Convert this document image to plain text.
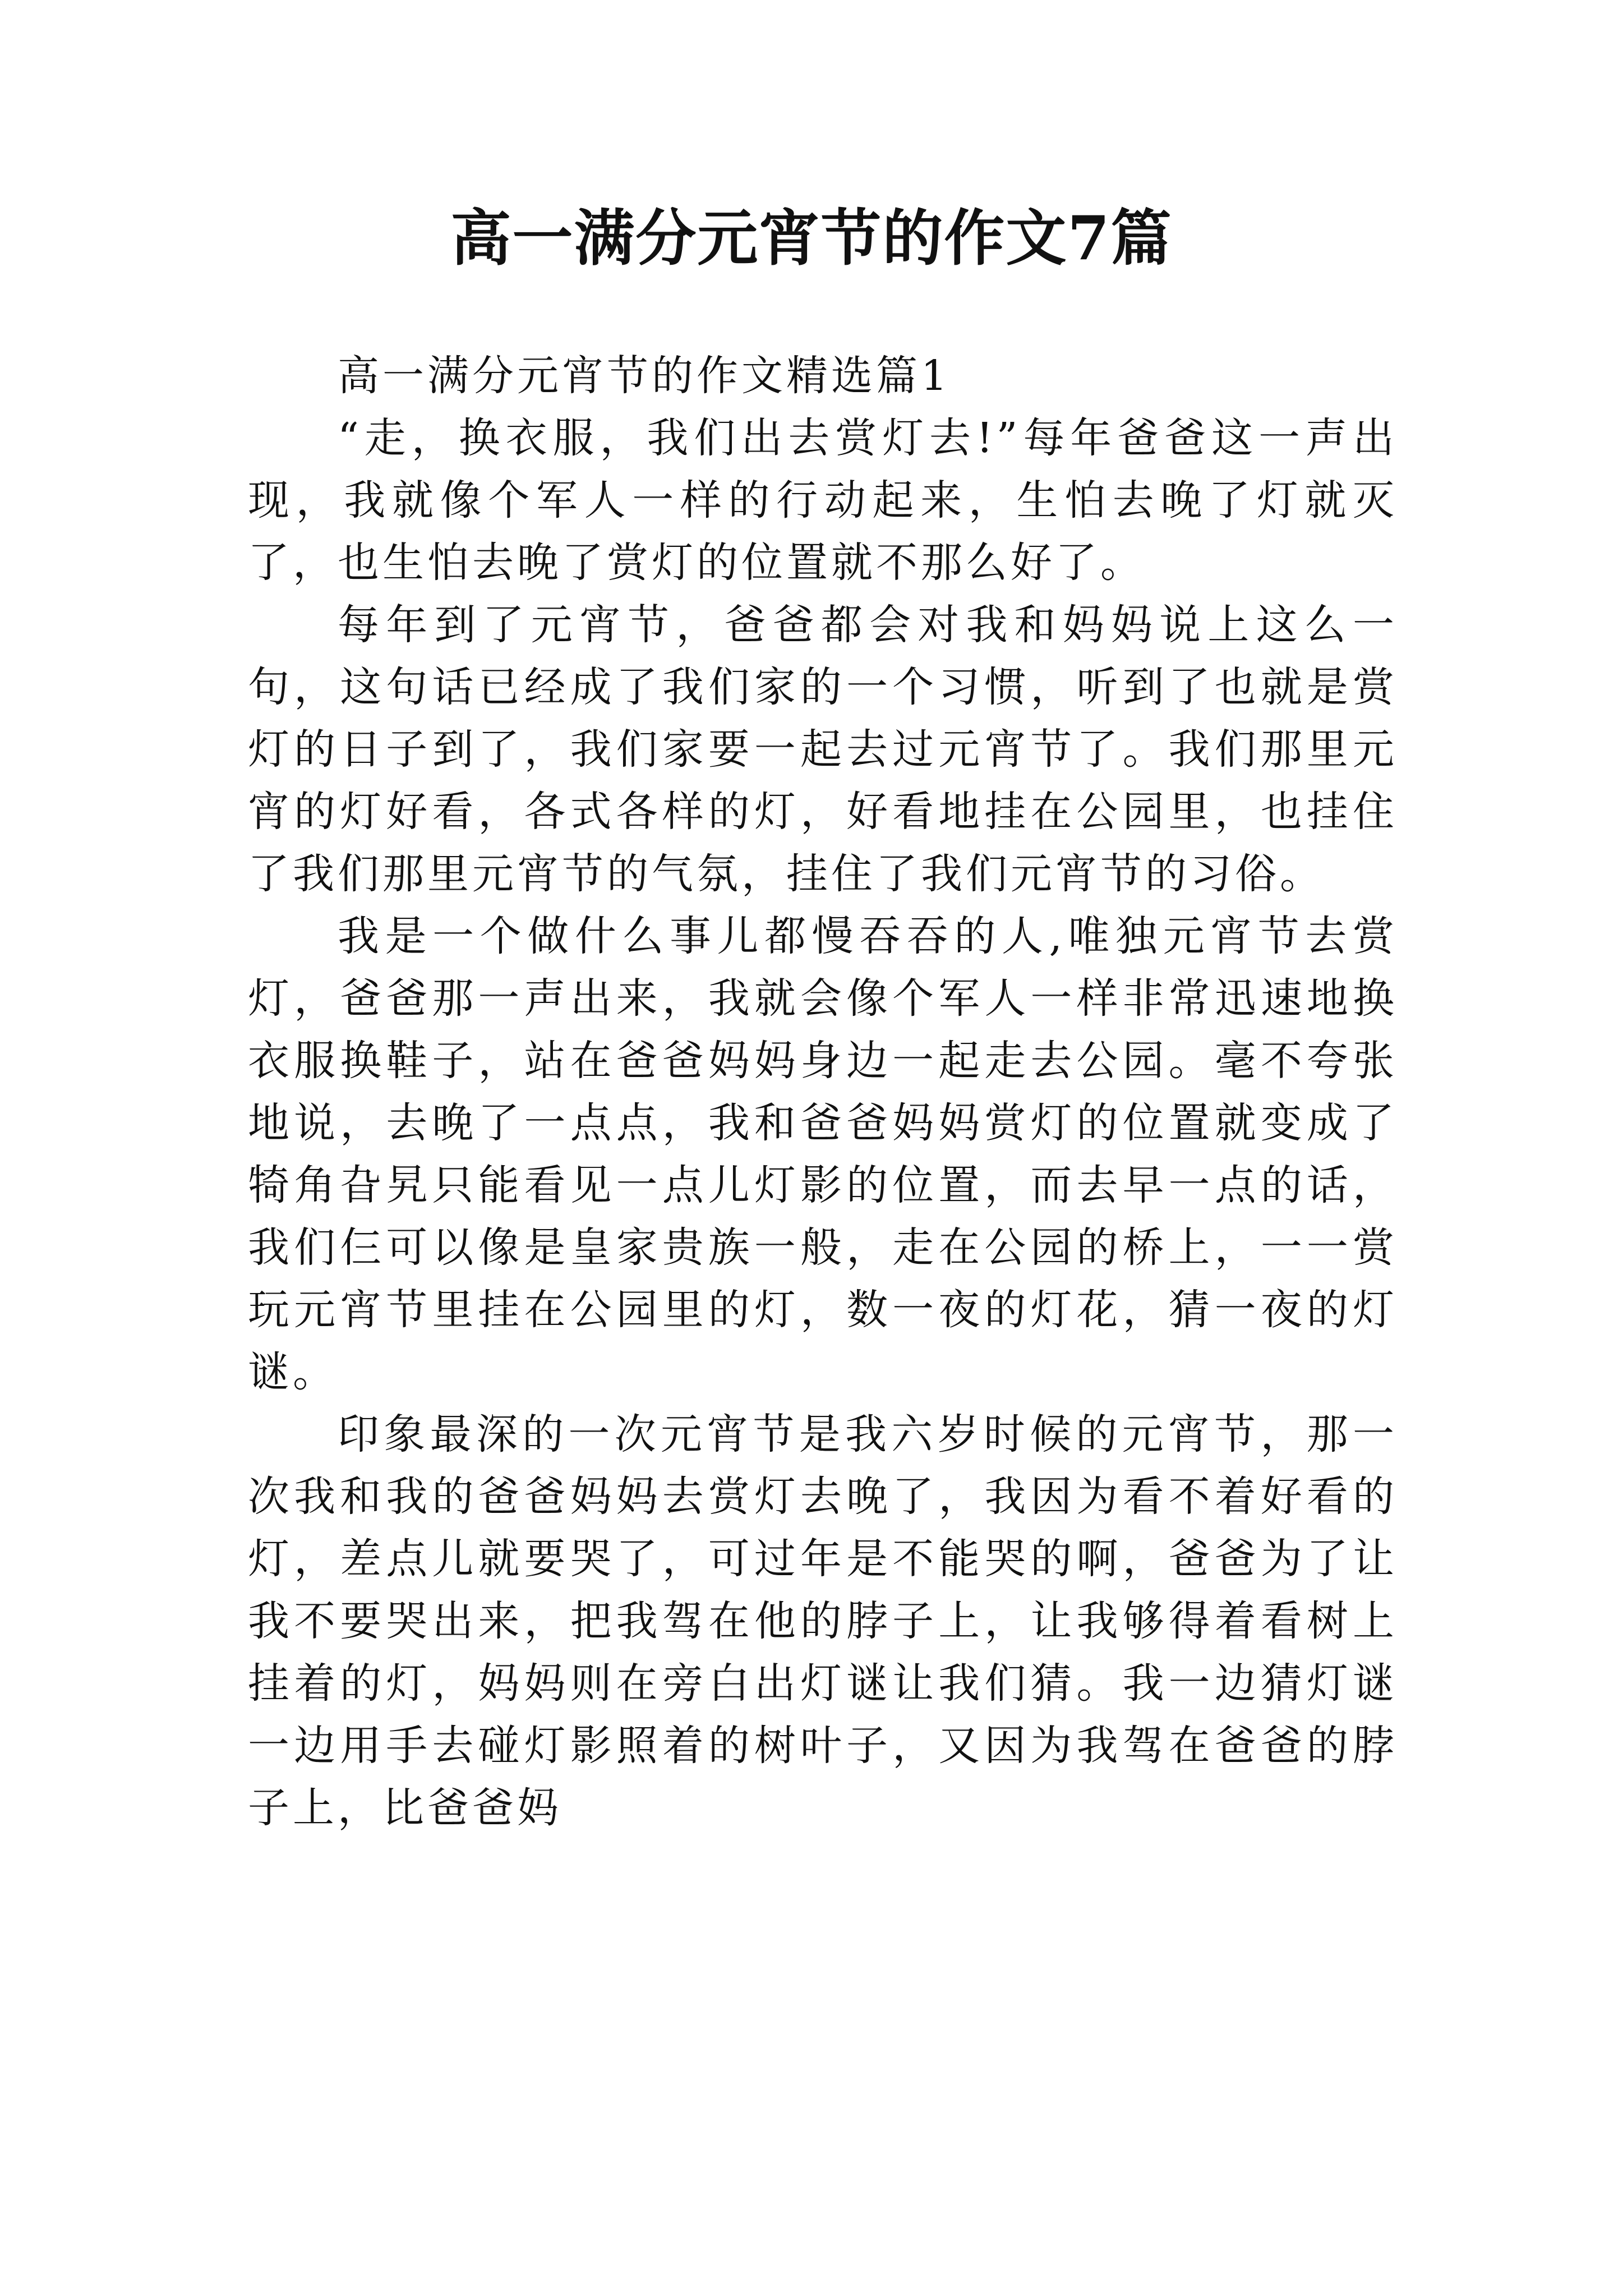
高一满分元宵节的作文7篇

高一满分元宵节的作文精选篇1

“走，换衣服，我们出去赏灯去!”每年爸爸这一声出现，我就像个军人一样的行动起来，生怕去晚了灯就灭了，也生怕去晚了赏灯的位置就不那么好了。

每年到了元宵节，爸爸都会对我和妈妈说上这么一句，这句话已经成了我们家的一个习惯，听到了也就是赏灯的日子到了，我们家要一起去过元宵节了。我们那里元宵的灯好看，各式各样的灯，好看地挂在公园里，也挂住了我们那里元宵节的气氛，挂住了我们元宵节的习俗。

我是一个做什么事儿都慢吞吞的人,唯独元宵节去赏灯，爸爸那一声出来，我就会像个军人一样非常迅速地换衣服换鞋子，站在爸爸妈妈身边一起走去公园。毫不夸张地说，去晚了一点点，我和爸爸妈妈赏灯的位置就变成了犄角旮旯只能看见一点儿灯影的位置，而去早一点的话，我们仨可以像是皇家贵族一般，走在公园的桥上，一一赏玩元宵节里挂在公园里的灯，数一夜的灯花，猜一夜的灯谜。

印象最深的一次元宵节是我六岁时候的元宵节，那一次我和我的爸爸妈妈去赏灯去晚了，我因为看不着好看的灯，差点儿就要哭了，可过年是不能哭的啊，爸爸为了让我不要哭出来，把我驾在他的脖子上，让我够得着看树上挂着的灯，妈妈则在旁白出灯谜让我们猜。我一边猜灯谜一边用手去碰灯影照着的树叶子，又因为我驾在爸爸的脖子上，比爸爸妈
